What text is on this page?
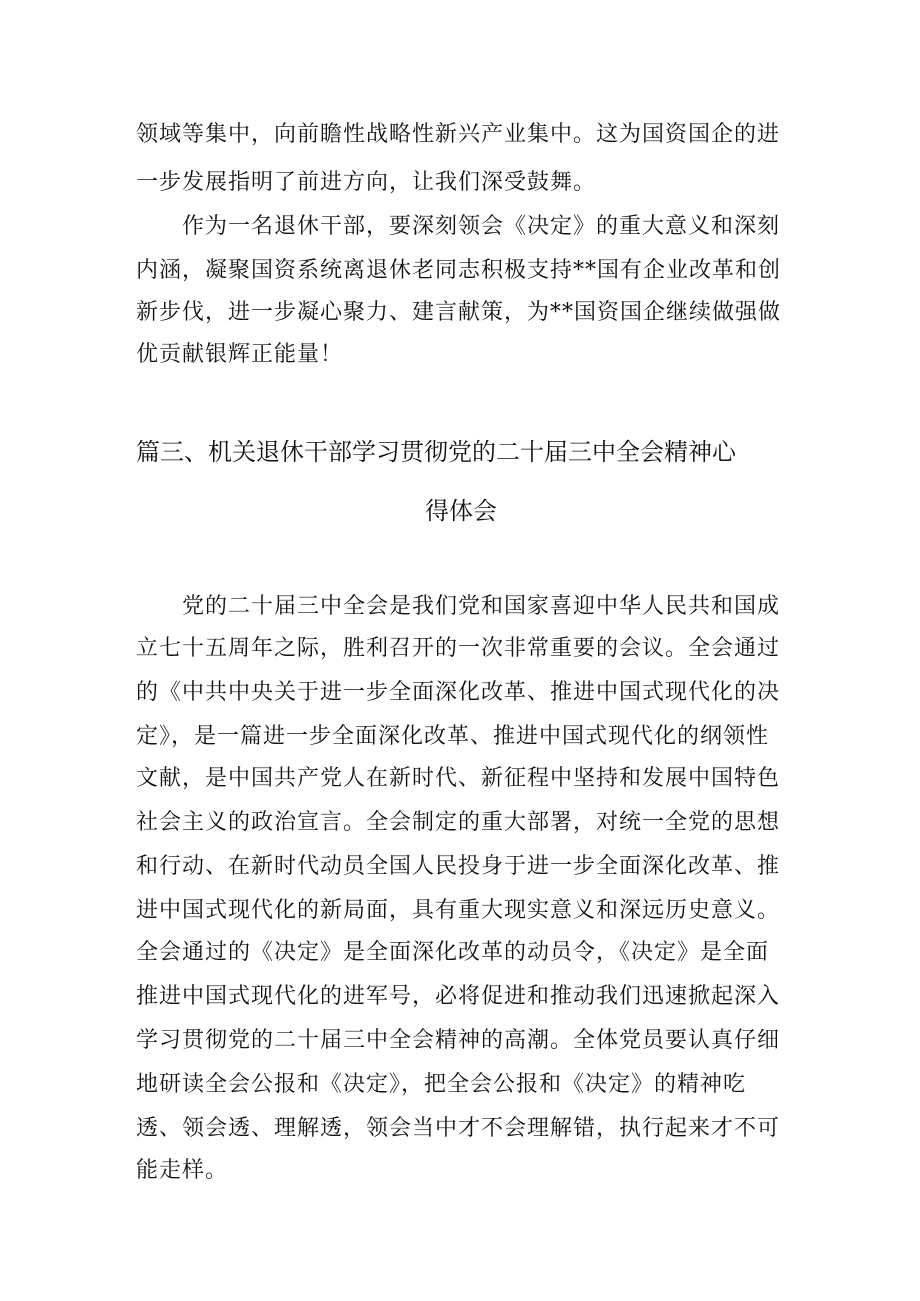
领域等集中，向前瞻性战略性新兴产业集中。这为国资国企的进
一步发展指明了前进方向，让我们深受鼓舞。
　　作为一名退休干部，要深刻领会《决定》的重大意义和深刻
内涵，凝聚国资系统离退休老同志积极支持**国有企业改革和创
新步伐，进一步凝心聚力、建言献策，为**国资国企继续做强做
优贡献银辉正能量！
篇三、机关退休干部学习贯彻党的二十届三中全会精神心
得体会
　　党的二十届三中全会是我们党和国家喜迎中华人民共和国成
立七十五周年之际，胜利召开的一次非常重要的会议。全会通过
的《中共中央关于进一步全面深化改革、推进中国式现代化的决
定》，是一篇进一步全面深化改革、推进中国式现代化的纲领性
文献，是中国共产党人在新时代、新征程中坚持和发展中国特色
社会主义的政治宣言。全会制定的重大部署，对统一全党的思想
和行动、在新时代动员全国人民投身于进一步全面深化改革、推
进中国式现代化的新局面，具有重大现实意义和深远历史意义。
全会通过的《决定》是全面深化改革的动员令，《决定》是全面
推进中国式现代化的进军号，必将促进和推动我们迅速掀起深入
学习贯彻党的二十届三中全会精神的高潮。全体党员要认真仔细
地研读全会公报和《决定》，把全会公报和《决定》的精神吃
透、领会透、理解透，领会当中才不会理解错，执行起来才不可
能走样。
